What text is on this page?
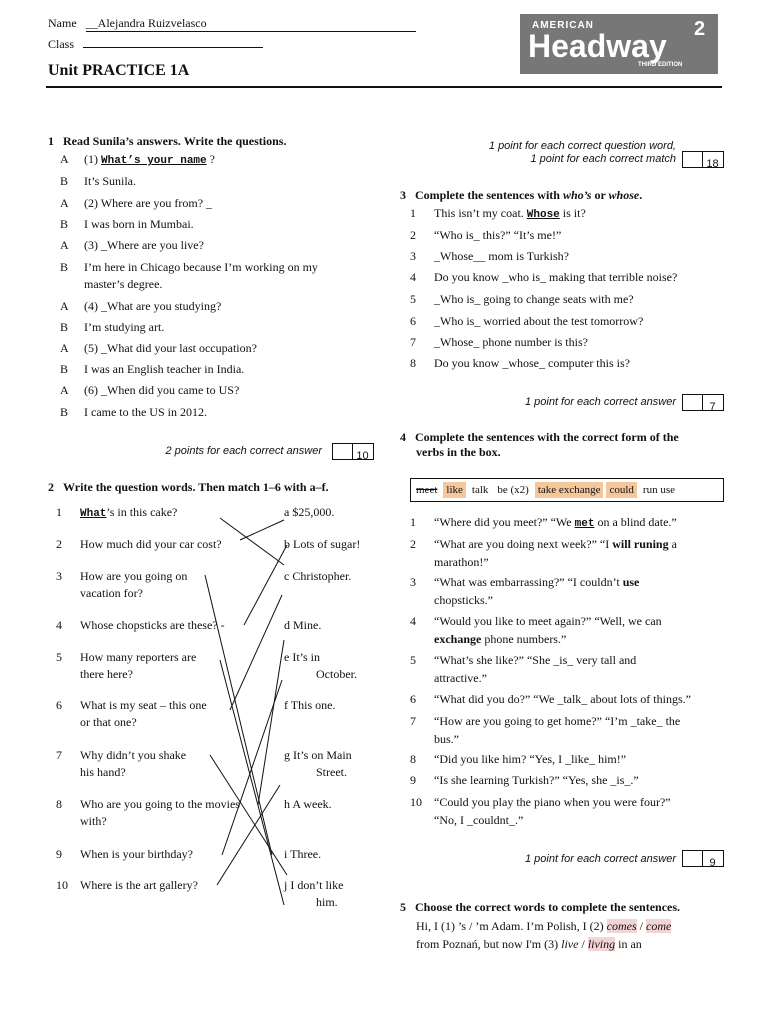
Name __Alejandra Ruizvelasco
Class
Unit PRACTICE 1A
AMERICAN
Headway 2
THIRD EDITION
1 Read Sunila’s answers. Write the questions.
A (1) What’s your name ?
B It’s Sunila.
A (2) Where are you from? _
B I was born in Mumbai.
A (3) _Where are you live?
B I’m here in Chicago because I’m working on my
master’s degree.
A (4) _What are you studying?
B I’m studying art.
A (5) _What did your last occupation?
B I was an English teacher in India.
A (6) _When did you came to US?
B I came to the US in 2012.
2 points for each correct answer	10
2 Write the question words. Then match 1–6 with a–f.
1 What’s in this cake?
2 How much did your car cost?
3 How are you going on
vacation for?
4 Whose chopsticks are these? -
5 How many reporters are
there here?
6 What is my seat – this one
or that one?
7 Why didn’t you shake
his hand?
8 Who are you going to the movies
with?
9 When is your birthday?
10 Where is the art gallery?
a $25,000.
b Lots of sugar!
c Christopher.
d Mine.
e It’s in
October.
f This one.
g It’s on Main
Street.
h A week.
i Three.
j I don’t like
him.
1 point for each correct question word,
1 point for each correct match	18
3 Complete the sentences with who’s or whose.
1 This isn’t my coat. Whose is it?
2 “Who is_ this?” “It’s me!”
3 _Whose__ mom is Turkish?
4 Do you know _who is_ making that terrible noise?
5 _Who is_ going to change seats with me?
6 _Who is_ worried about the test tomorrow?
7 _Whose_ phone number is this?
8 Do you know _whose_ computer this is?
1 point for each correct answer	7
4 Complete the sentences with the correct form of the
verbs in the box.
meet like talk be (x2) take exchange could run use
1 “Where did you meet?” “We met on a blind date.”
2 “What are you doing next week?” “I will runing a
marathon!”
3 “What was embarrassing?” “I couldn’t use
chopsticks.”
4 “Would you like to meet again?” “Well, we can
exchange phone numbers.”
5 “What’s she like?” “She _is_ very tall and
attractive.”
6 “What did you do?” “We _talk_ about lots of things.”
7 “How are you going to get home?” “I’m _take_ the
bus.”
8 “Did you like him? “Yes, I _like_ him!”
9 “Is she learning Turkish?” “Yes, she _is_.”
10 “Could you play the piano when you were four?”
“No, I _couldnt_.”
1 point for each correct answer	9
5 Choose the correct words to complete the sentences.
Hi, I (1) ’s / ’m Adam. I’m Polish, I (2) comes / come
from Poznań, but now I'm (3) live / living in an
